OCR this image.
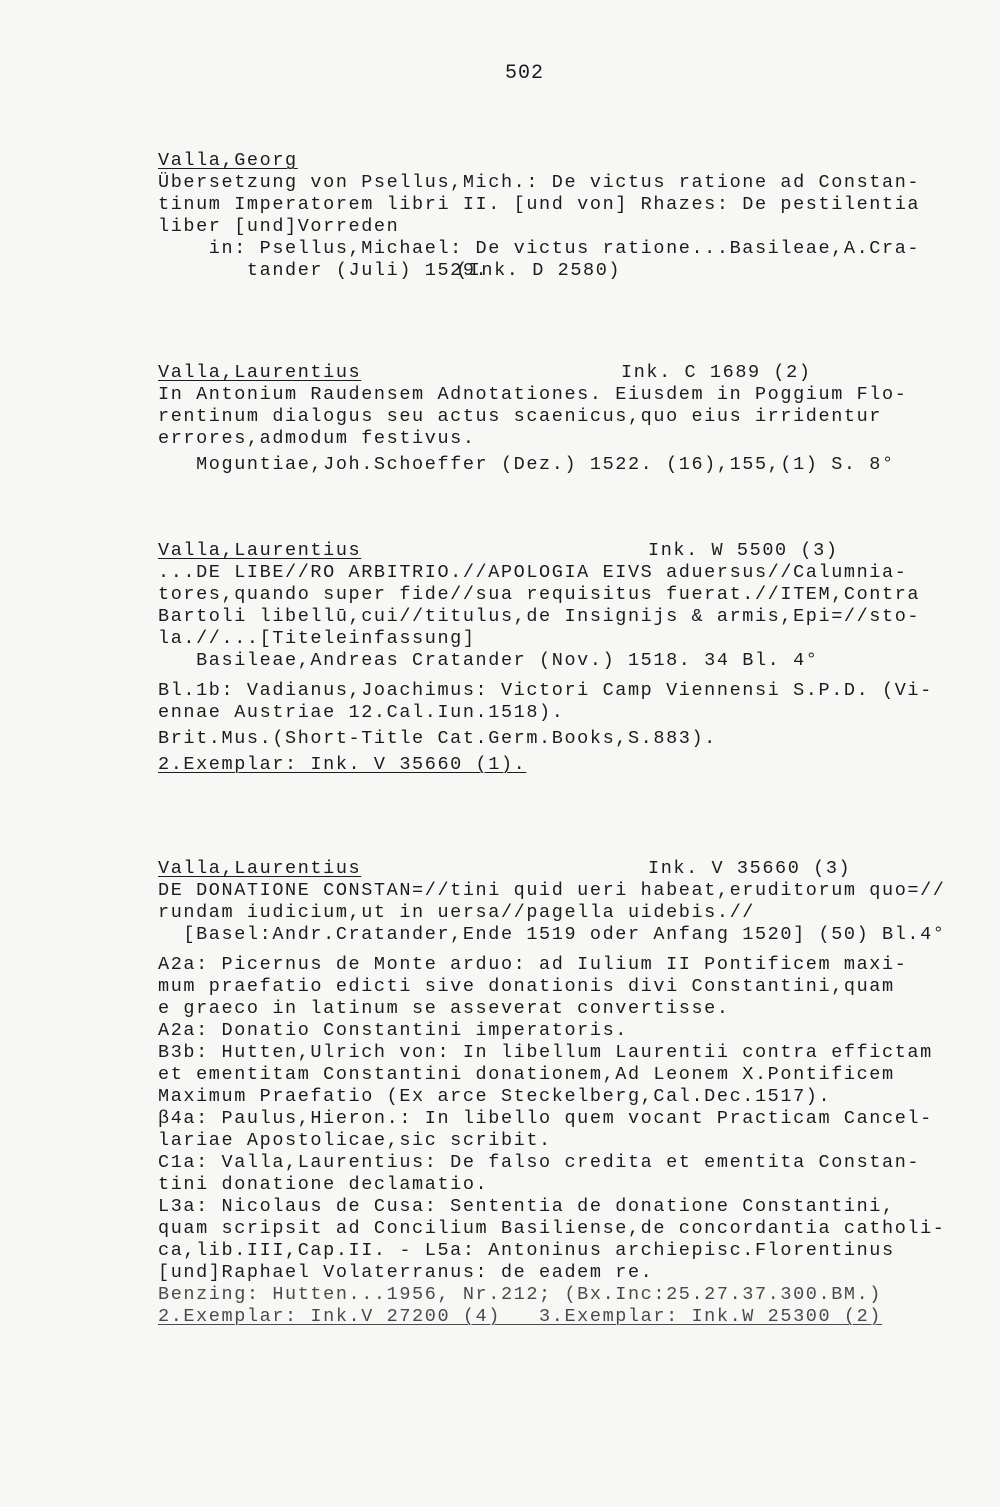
502
Valla,Georg
Übersetzung von Psellus,Mich.: De victus ratione ad Constan-
tinum Imperatorem libri II. [und von] Rhazes: De pestilentia
liber [und]Vorreden
in: Psellus,Michael: De victus ratione...Basileae,A.Cra-
tander (Juli) 1529.
(Ink. D 2580)
Valla,Laurentius	Ink. C 1689 (2)
In Antonium Raudensem Adnotationes. Eiusdem in Poggium Flo-
rentinum dialogus seu actus scaenicus,quo eius irridentur
errores,admodum festivus.
Moguntiae,Joh.Schoeffer (Dez.) 1522. (16),155,(1) S. 8°
Valla,Laurentius	Ink. W 5500 (3)
...DE LIBE//RO ARBITRIO.//APOLOGIA EIVS aduersus//Calumnia-
tores,quando super fide//sua requisitus fuerat.//ITEM,Contra
Bartoli libellū,cui//titulus,de Insignijs & armis,Epi=//sto-
la.//...[Titeleinfassung]
Basileae,Andreas Cratander (Nov.) 1518. 34 Bl. 4°
Bl.1b: Vadianus,Joachimus: Victori Camp Viennensi S.P.D. (Vi-
ennae Austriae 12.Cal.Iun.1518).
Brit.Mus.(Short-Title Cat.Germ.Books,S.883).
2.Exemplar: Ink. V 35660 (1).
Valla,Laurentius	Ink. V 35660 (3)
DE DONATIONE CONSTAN=//tini quid ueri habeat,eruditorum quo=//
rundam iudicium,ut in uersa//pagella uidebis.//
[Basel:Andr.Cratander,Ende 1519 oder Anfang 1520] (50) Bl.4°
A2a: Picernus de Monte arduo: ad Iulium II Pontificem maxi-
mum praefatio edicti sive donationis divi Constantini,quam
e graeco in latinum se asseverat convertisse.
A2a: Donatio Constantini imperatoris.
B3b: Hutten,Ulrich von: In libellum Laurentii contra effictam
et ementitam Constantini donationem,Ad Leonem X.Pontificem
Maximum Praefatio (Ex arce Steckelberg,Cal.Dec.1517).
β4a: Paulus,Hieron.: In libello quem vocant Practicam Cancel-
lariae Apostolicae,sic scribit.
C1a: Valla,Laurentius: De falso credita et ementita Constan-
tini donatione declamatio.
L3a: Nicolaus de Cusa: Sententia de donatione Constantini,
quam scripsit ad Concilium Basiliense,de concordantia catholi-
ca,lib.III,Cap.II. - L5a: Antoninus archiepisc.Florentinus
[und]Raphael Volaterranus: de eadem re.
Benzing: Hutten...1956, Nr.212; (Bx.Inc:25.27.37.300.BM.)
2.Exemplar: Ink.V 27200 (4)   3.Exemplar: Ink.W 25300 (2)
